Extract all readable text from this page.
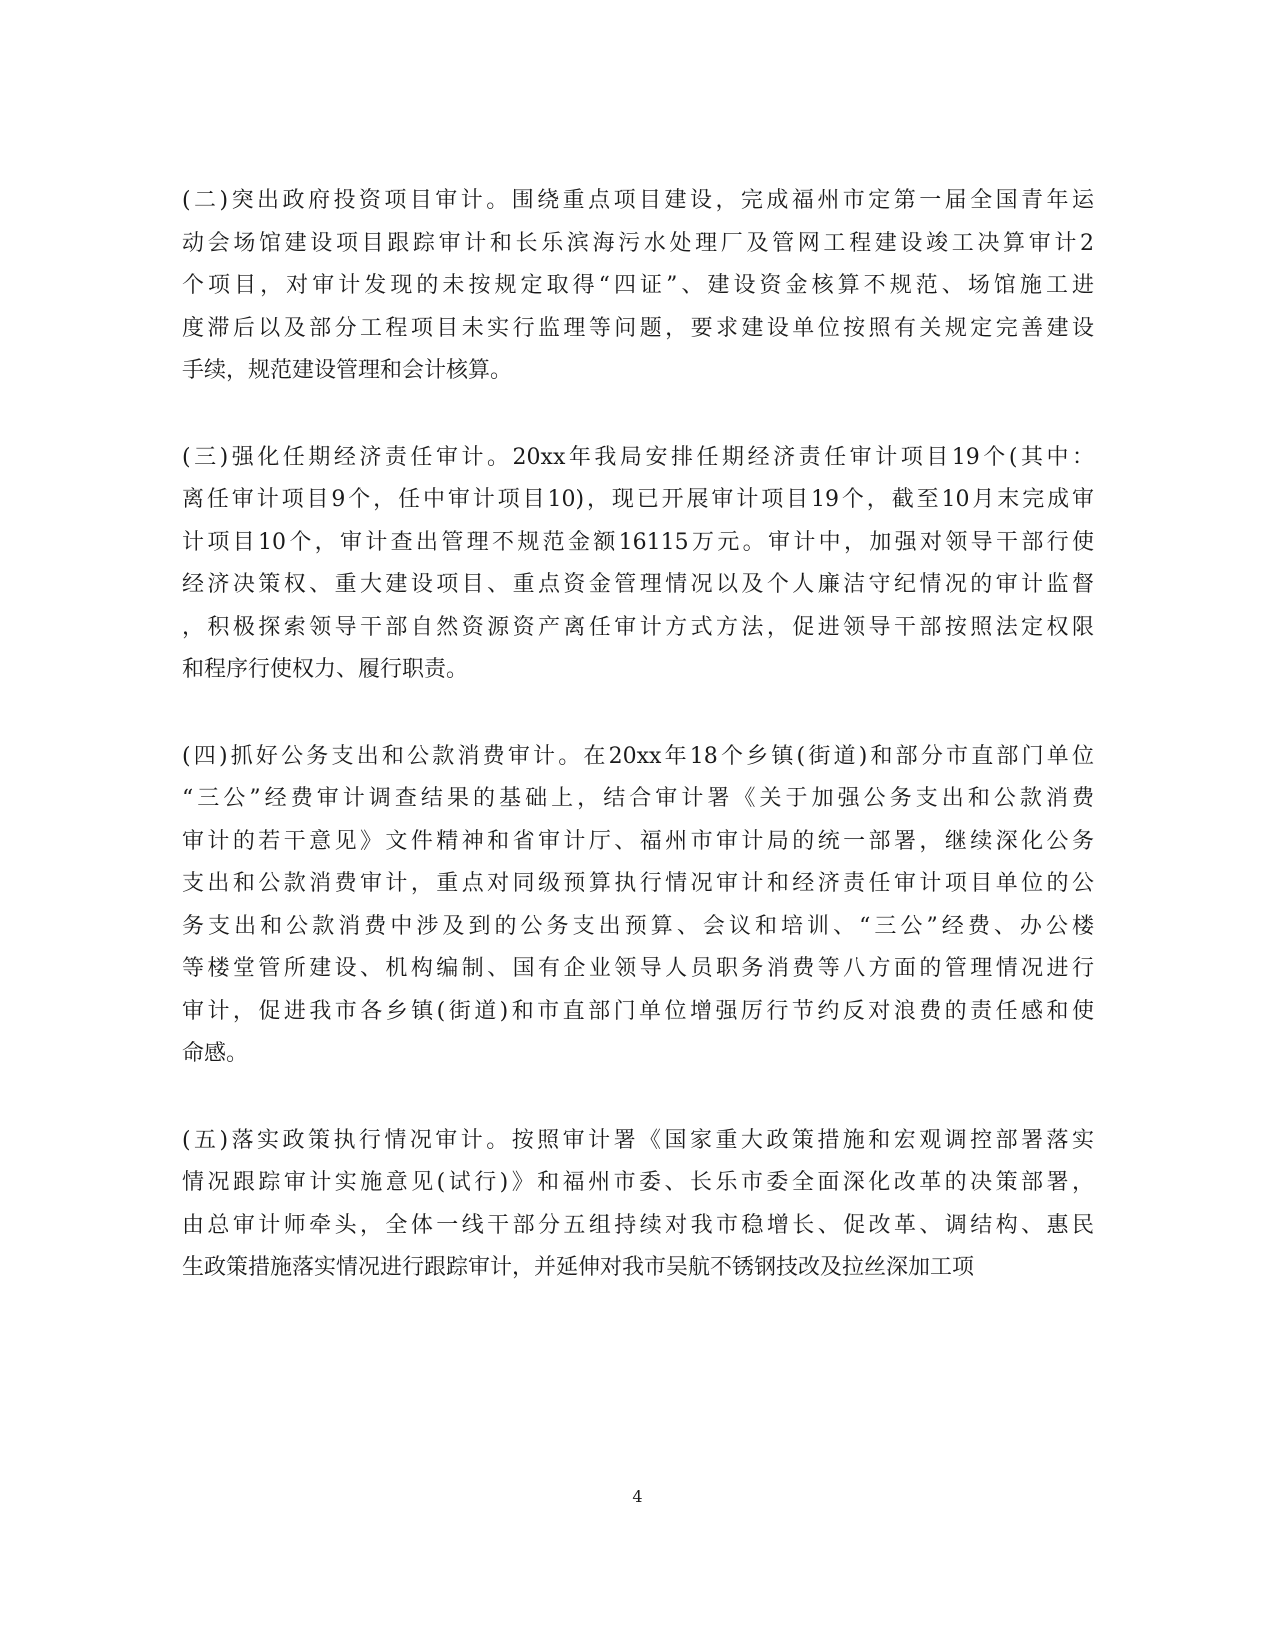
(二)突出政府投资项目审计。围绕重点项目建设，完成福州市定第一届全国青年运
动会场馆建设项目跟踪审计和长乐滨海污水处理厂及管网工程建设竣工决算审计2
个项目，对审计发现的未按规定取得“四证”、建设资金核算不规范、场馆施工进
度滞后以及部分工程项目未实行监理等问题，要求建设单位按照有关规定完善建设
手续，规范建设管理和会计核算。
(三)强化任期经济责任审计。20xx年我局安排任期经济责任审计项目19个(其中：
离任审计项目9个，任中审计项目10)，现已开展审计项目19个，截至10月末完成审
计项目10个，审计查出管理不规范金额16115万元。审计中，加强对领导干部行使
经济决策权、重大建设项目、重点资金管理情况以及个人廉洁守纪情况的审计监督
，积极探索领导干部自然资源资产离任审计方式方法，促进领导干部按照法定权限
和程序行使权力、履行职责。
(四)抓好公务支出和公款消费审计。在20xx年18个乡镇(街道)和部分市直部门单位
“三公”经费审计调查结果的基础上，结合审计署《关于加强公务支出和公款消费
审计的若干意见》文件精神和省审计厅、福州市审计局的统一部署，继续深化公务
支出和公款消费审计，重点对同级预算执行情况审计和经济责任审计项目单位的公
务支出和公款消费中涉及到的公务支出预算、会议和培训、“三公”经费、办公楼
等楼堂管所建设、机构编制、国有企业领导人员职务消费等八方面的管理情况进行
审计，促进我市各乡镇(街道)和市直部门单位增强厉行节约反对浪费的责任感和使
命感。
(五)落实政策执行情况审计。按照审计署《国家重大政策措施和宏观调控部署落实
情况跟踪审计实施意见(试行)》和福州市委、长乐市委全面深化改革的决策部署，
由总审计师牵头，全体一线干部分五组持续对我市稳增长、促改革、调结构、惠民
生政策措施落实情况进行跟踪审计，并延伸对我市吴航不锈钢技改及拉丝深加工项
4
